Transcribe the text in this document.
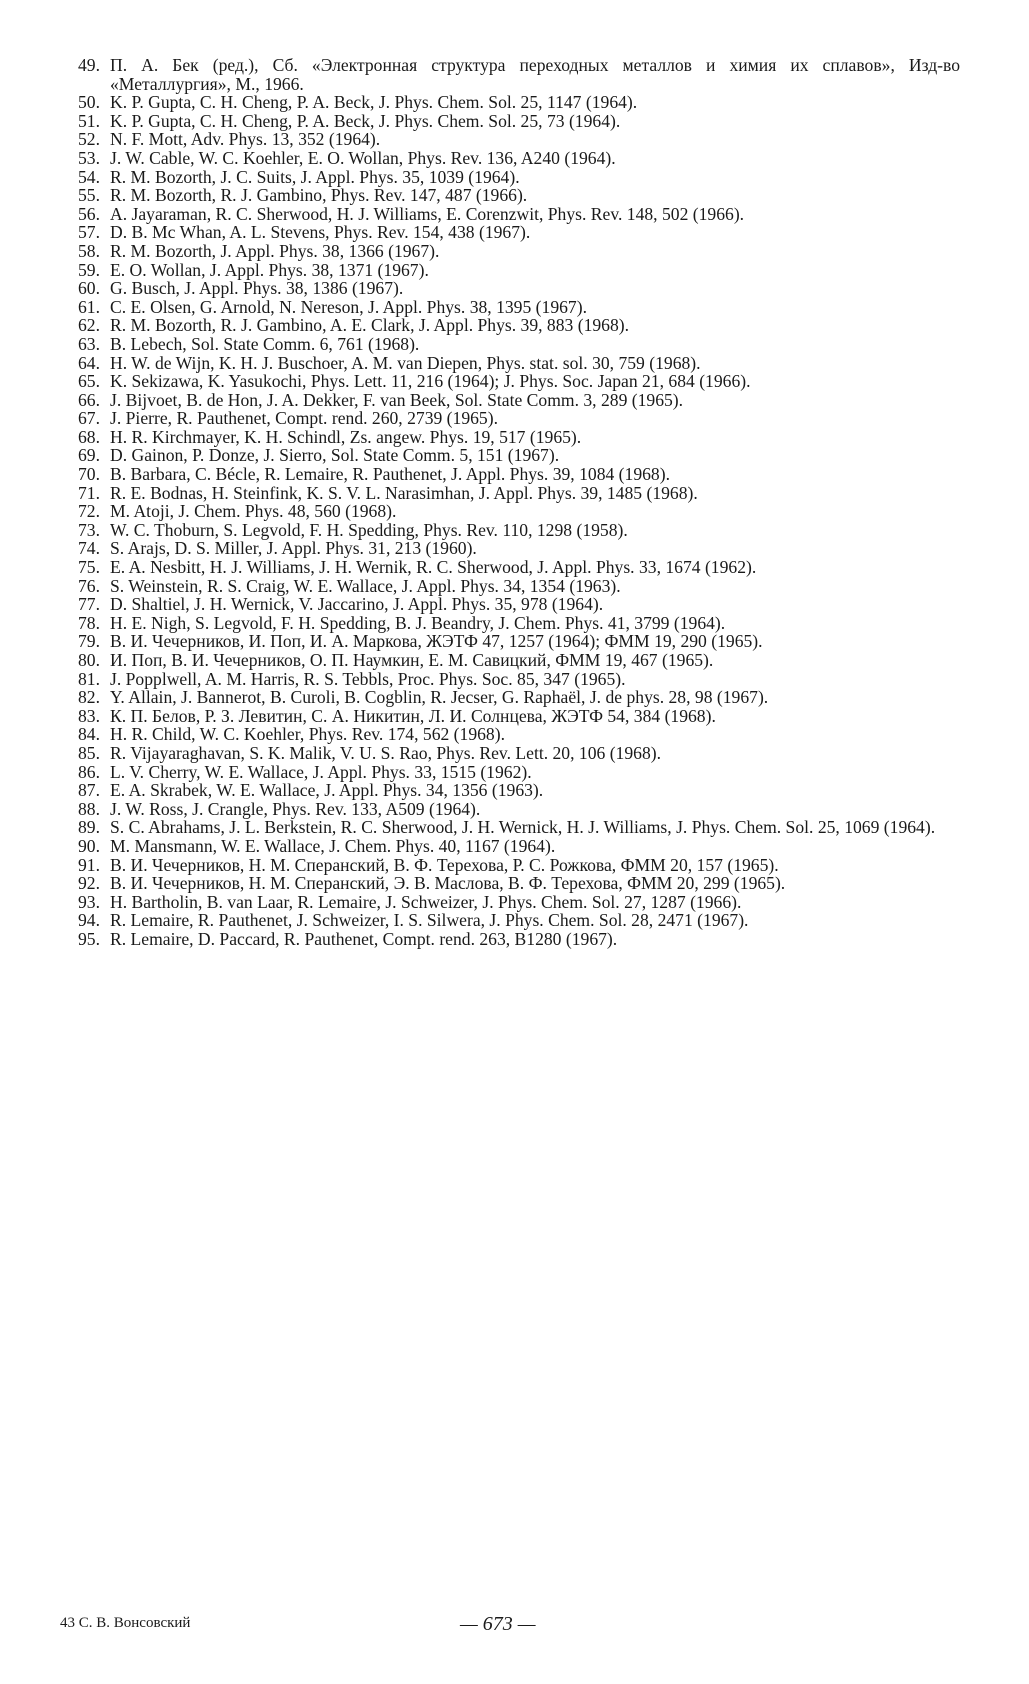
49. П. А. Бек (ред.), Сб. «Электронная структура переходных металлов и химия их сплавов», Изд-во «Металлургия», М., 1966.
50. K. P. Gupta, C. H. Cheng, P. A. Beck, J. Phys. Chem. Sol. 25, 1147 (1964).
51. K. P. Gupta, C. H. Cheng, P. A. Beck, J. Phys. Chem. Sol. 25, 73 (1964).
52. N. F. Mott, Adv. Phys. 13, 352 (1964).
53. J. W. Cable, W. C. Koehler, E. O. Wollan, Phys. Rev. 136, A240 (1964).
54. R. M. Bozorth, J. C. Suits, J. Appl. Phys. 35, 1039 (1964).
55. R. M. Bozorth, R. J. Gambino, Phys. Rev. 147, 487 (1966).
56. A. Jayaraman, R. C. Sherwood, H. J. Williams, E. Corenzwit, Phys. Rev. 148, 502 (1966).
57. D. B. Mc Whan, A. L. Stevens, Phys. Rev. 154, 438 (1967).
58. R. M. Bozorth, J. Appl. Phys. 38, 1366 (1967).
59. E. O. Wollan, J. Appl. Phys. 38, 1371 (1967).
60. G. Busch, J. Appl. Phys. 38, 1386 (1967).
61. C. E. Olsen, G. Arnold, N. Nereson, J. Appl. Phys. 38, 1395 (1967).
62. R. M. Bozorth, R. J. Gambino, A. E. Clark, J. Appl. Phys. 39, 883 (1968).
63. B. Lebech, Sol. State Comm. 6, 761 (1968).
64. H. W. de Wijn, K. H. J. Buschoer, A. M. van Diepen, Phys. stat. sol. 30, 759 (1968).
65. K. Sekizawa, K. Yasukochi, Phys. Lett. 11, 216 (1964); J. Phys. Soc. Japan 21, 684 (1966).
66. J. Bijvoet, B. de Hon, J. A. Dekker, F. van Beek, Sol. State Comm. 3, 289 (1965).
67. J. Pierre, R. Pauthenet, Compt. rend. 260, 2739 (1965).
68. H. R. Kirchmayer, K. H. Schindl, Zs. angew. Phys. 19, 517 (1965).
69. D. Gainon, P. Donze, J. Sierro, Sol. State Comm. 5, 151 (1967).
70. B. Barbara, C. Bécle, R. Lemaire, R. Pauthenet, J. Appl. Phys. 39, 1084 (1968).
71. R. E. Bodnas, H. Steinfink, K. S. V. L. Narasimhan, J. Appl. Phys. 39, 1485 (1968).
72. M. Atoji, J. Chem. Phys. 48, 560 (1968).
73. W. C. Thoburn, S. Legvold, F. H. Spedding, Phys. Rev. 110, 1298 (1958).
74. S. Arajs, D. S. Miller, J. Appl. Phys. 31, 213 (1960).
75. E. A. Nesbitt, H. J. Williams, J. H. Wernik, R. C. Sherwood, J. Appl. Phys. 33, 1674 (1962).
76. S. Weinstein, R. S. Craig, W. E. Wallace, J. Appl. Phys. 34, 1354 (1963).
77. D. Shaltiel, J. H. Wernick, V. Jaccarino, J. Appl. Phys. 35, 978 (1964).
78. H. E. Nigh, S. Legvold, F. H. Spedding, B. J. Beandry, J. Chem. Phys. 41, 3799 (1964).
79. В. И. Чечерников, И. Поп, И. А. Маркова, ЖЭТФ 47, 1257 (1964); ФММ 19, 290 (1965).
80. И. Поп, В. И. Чечерников, О. П. Наумкин, Е. М. Савицкий, ФММ 19, 467 (1965).
81. J. Popplwell, A. M. Harris, R. S. Tebbls, Proc. Phys. Soc. 85, 347 (1965).
82. Y. Allain, J. Bannerot, B. Curoli, B. Cogblin, R. Jecser, G. Raphaël, J. de phys. 28, 98 (1967).
83. К. П. Белов, Р. З. Левитин, С. А. Никитин, Л. И. Солнцева, ЖЭТФ 54, 384 (1968).
84. H. R. Child, W. C. Koehler, Phys. Rev. 174, 562 (1968).
85. R. Vijayaraghavan, S. K. Malik, V. U. S. Rao, Phys. Rev. Lett. 20, 106 (1968).
86. L. V. Cherry, W. E. Wallace, J. Appl. Phys. 33, 1515 (1962).
87. E. A. Skrabek, W. E. Wallace, J. Appl. Phys. 34, 1356 (1963).
88. J. W. Ross, J. Crangle, Phys. Rev. 133, A509 (1964).
89. S. C. Abrahams, J. L. Berkstein, R. C. Sherwood, J. H. Wernick, H. J. Williams, J. Phys. Chem. Sol. 25, 1069 (1964).
90. M. Mansmann, W. E. Wallace, J. Chem. Phys. 40, 1167 (1964).
91. В. И. Чечерников, Н. М. Сперанский, В. Ф. Терехова, Р. С. Рожкова, ФММ 20, 157 (1965).
92. В. И. Чечерников, Н. М. Сперанский, Э. В. Маслова, В. Ф. Терехова, ФММ 20, 299 (1965).
93. H. Bartholin, B. van Laar, R. Lemaire, J. Schweizer, J. Phys. Chem. Sol. 27, 1287 (1966).
94. R. Lemaire, R. Pauthenet, J. Schweizer, I. S. Silwera, J. Phys. Chem. Sol. 28, 2471 (1967).
95. R. Lemaire, D. Paccard, R. Pauthenet, Compt. rend. 263, B1280 (1967).
43 С. В. Вонсовский	— 673 —
